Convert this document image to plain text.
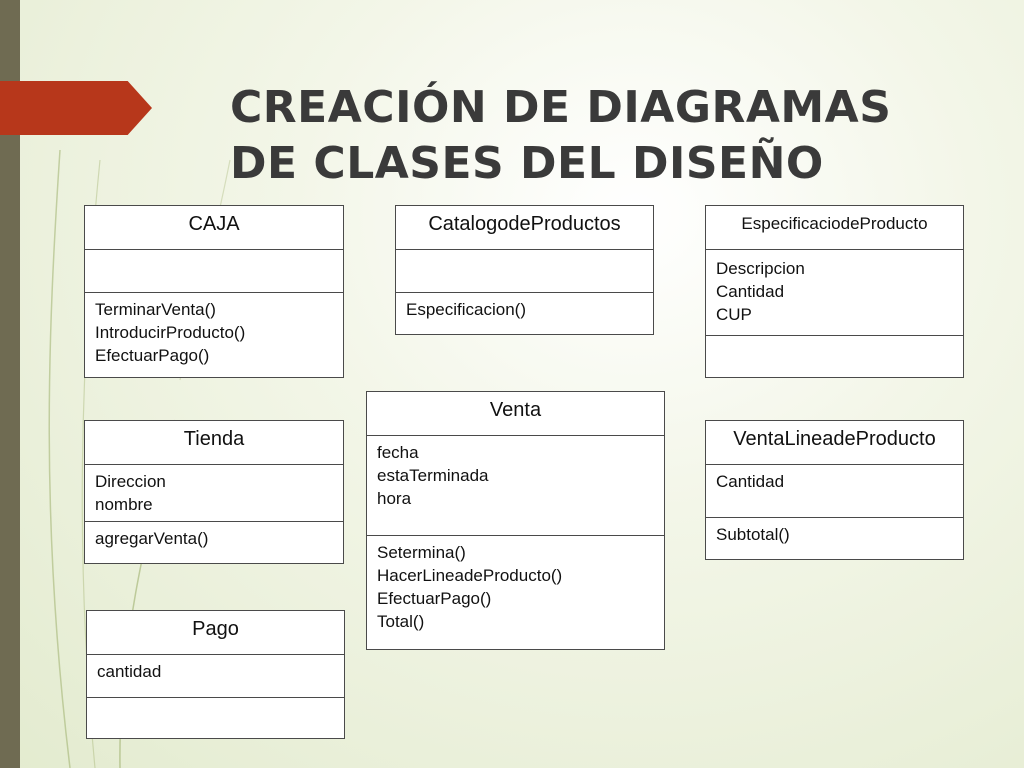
CREACIÓN DE DIAGRAMAS
DE CLASES DEL DISEÑO
CAJA
TerminarVenta()
IntroducirProducto()
EfectuarPago()
CatalogodeProductos
Especificacion()
EspecificaciodeProducto
Descripcion
Cantidad
CUP
Venta
fecha
estaTerminada
hora
Setermina()
HacerLineadeProducto()
EfectuarPago()
Total()
Tienda
Direccion
nombre
agregarVenta()
VentaLineadeProducto
Cantidad
Subtotal()
Pago
cantidad
